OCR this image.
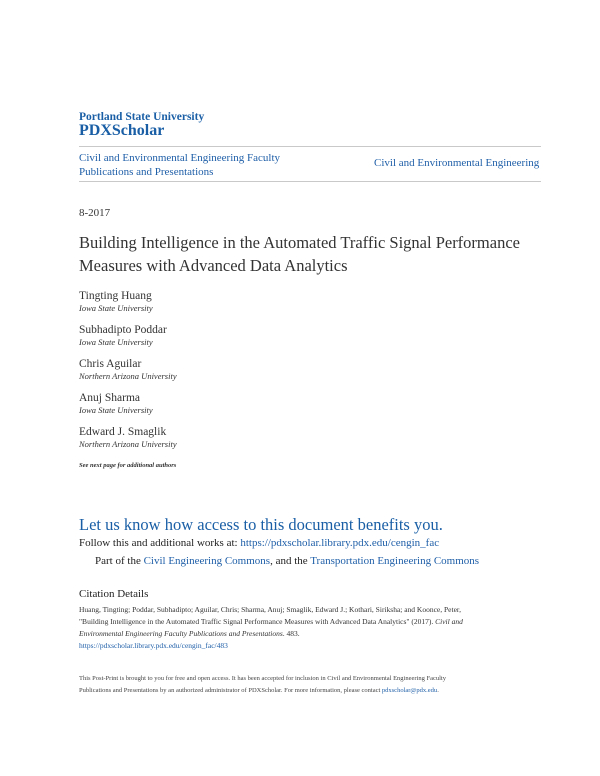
Portland State University
PDXScholar
Civil and Environmental Engineering Faculty Publications and Presentations
Civil and Environmental Engineering
8-2017
Building Intelligence in the Automated Traffic Signal Performance Measures with Advanced Data Analytics
Tingting Huang
Iowa State University
Subhadipto Poddar
Iowa State University
Chris Aguilar
Northern Arizona University
Anuj Sharma
Iowa State University
Edward J. Smaglik
Northern Arizona University
See next page for additional authors
Let us know how access to this document benefits you.
Follow this and additional works at: https://pdxscholar.library.pdx.edu/cengin_fac
Part of the Civil Engineering Commons, and the Transportation Engineering Commons
Citation Details
Huang, Tingting; Poddar, Subhadipto; Aguilar, Chris; Sharma, Anuj; Smaglik, Edward J.; Kothari, Siriksha; and Koonce, Peter,
"Building Intelligence in the Automated Traffic Signal Performance Measures with Advanced Data Analytics" (2017). Civil and
Environmental Engineering Faculty Publications and Presentations. 483.
https://pdxscholar.library.pdx.edu/cengin_fac/483
This Post-Print is brought to you for free and open access. It has been accepted for inclusion in Civil and Environmental Engineering Faculty
Publications and Presentations by an authorized administrator of PDXScholar. For more information, please contact pdxscholar@pdx.edu.
